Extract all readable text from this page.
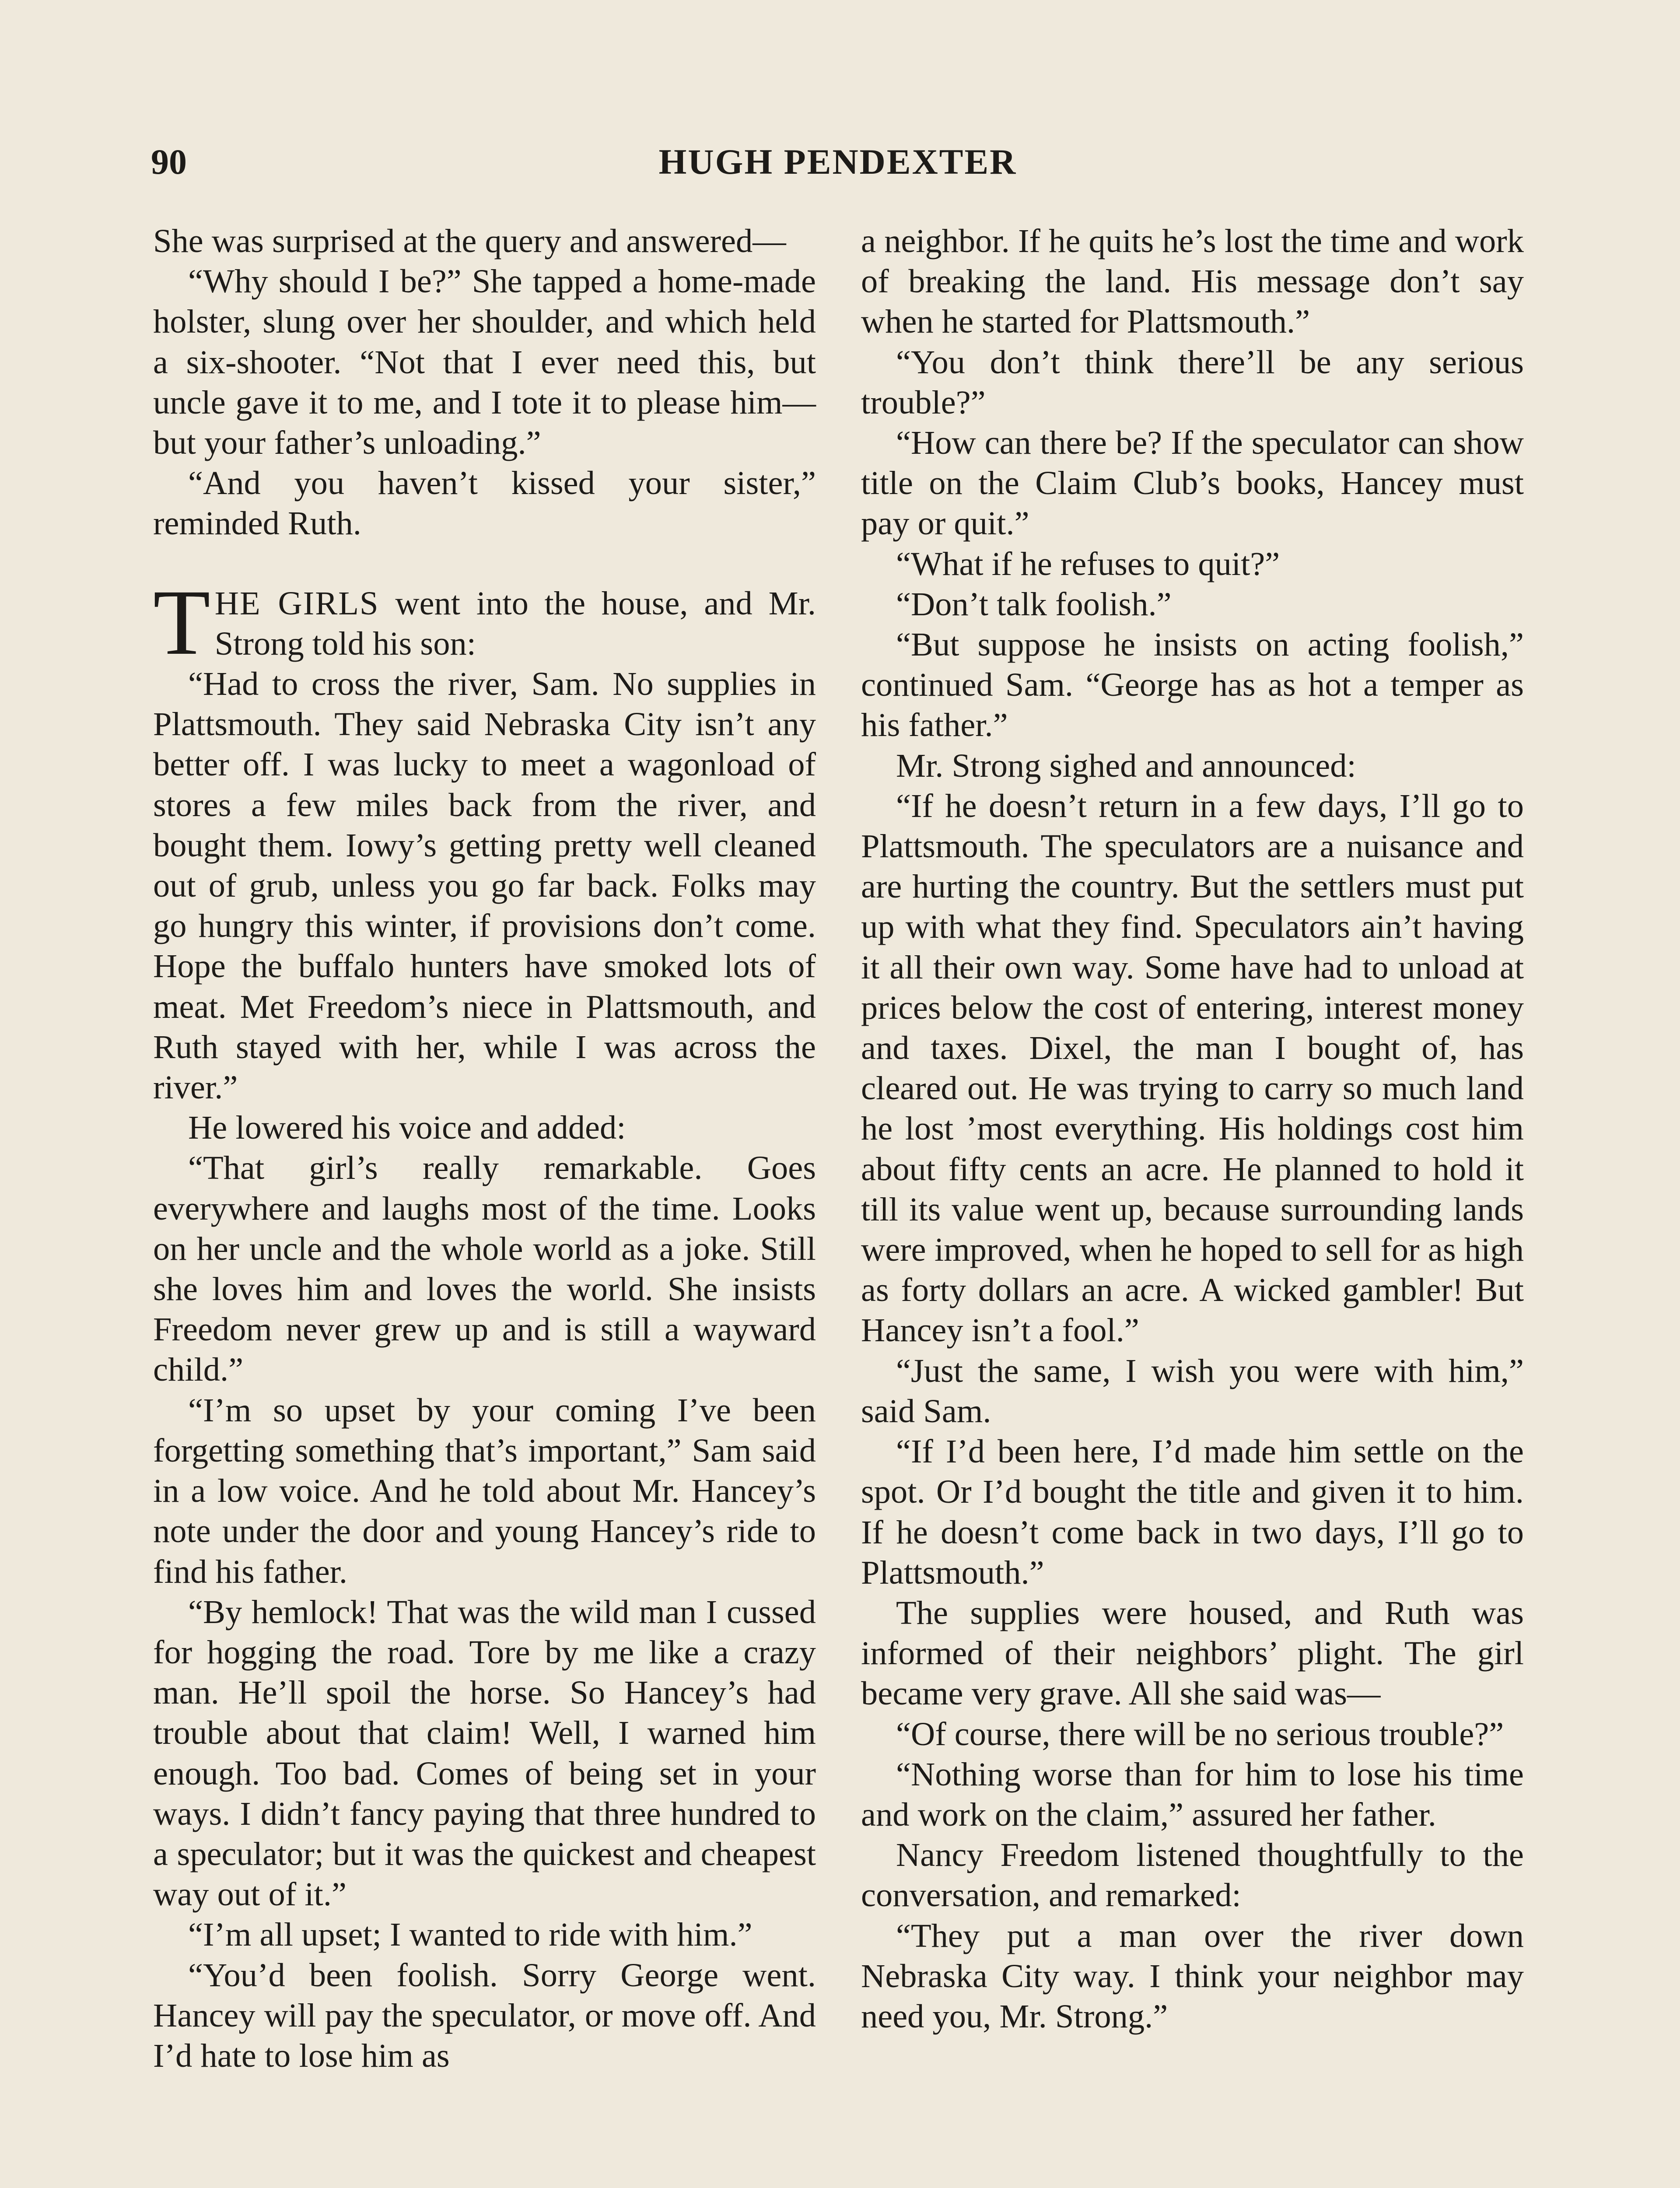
90	HUGH PENDEXTER

She was surprised at the query and answered—

“Why should I be?” She tapped a home-made holster, slung over her shoulder, and which held a six-shooter. “Not that I ever need this, but uncle gave it to me, and I tote it to please him—but your father’s unloading.”

“And you haven’t kissed your sister,” reminded Ruth.

THE GIRLS went into the house, and Mr. Strong told his son:

“Had to cross the river, Sam. No supplies in Plattsmouth. They said Nebraska City isn’t any better off. I was lucky to meet a wagonload of stores a few miles back from the river, and bought them. Iowy’s getting pretty well cleaned out of grub, unless you go far back. Folks may go hungry this winter, if provisions don’t come. Hope the buffalo hunters have smoked lots of meat. Met Freedom’s niece in Plattsmouth, and Ruth stayed with her, while I was across the river.”

He lowered his voice and added:

“That girl’s really remarkable. Goes everywhere and laughs most of the time. Looks on her uncle and the whole world as a joke. Still she loves him and loves the world. She insists Freedom never grew up and is still a wayward child.”

“I’m so upset by your coming I’ve been forgetting something that’s important,” Sam said in a low voice. And he told about Mr. Hancey’s note under the door and young Hancey’s ride to find his father.

“By hemlock! That was the wild man I cussed for hogging the road. Tore by me like a crazy man. He’ll spoil the horse. So Hancey’s had trouble about that claim! Well, I warned him enough. Too bad. Comes of being set in your ways. I didn’t fancy paying that three hundred to a speculator; but it was the quickest and cheapest way out of it.”

“I’m all upset; I wanted to ride with him.”

“You’d been foolish. Sorry George went. Hancey will pay the speculator, or move off. And I’d hate to lose him as

a neighbor. If he quits he’s lost the time and work of breaking the land. His message don’t say when he started for Plattsmouth.”

“You don’t think there’ll be any serious trouble?”

“How can there be? If the speculator can show title on the Claim Club’s books, Hancey must pay or quit.”

“What if he refuses to quit?”

“Don’t talk foolish.”

“But suppose he insists on acting foolish,” continued Sam. “George has as hot a temper as his father.”

Mr. Strong sighed and announced:

“If he doesn’t return in a few days, I’ll go to Plattsmouth. The speculators are a nuisance and are hurting the country. But the settlers must put up with what they find. Speculators ain’t having it all their own way. Some have had to unload at prices below the cost of entering, interest money and taxes. Dixel, the man I bought of, has cleared out. He was trying to carry so much land he lost ’most everything. His holdings cost him about fifty cents an acre. He planned to hold it till its value went up, because surrounding lands were improved, when he hoped to sell for as high as forty dollars an acre. A wicked gambler! But Hancey isn’t a fool.”

“Just the same, I wish you were with him,” said Sam.

“If I’d been here, I’d made him settle on the spot. Or I’d bought the title and given it to him. If he doesn’t come back in two days, I’ll go to Plattsmouth.”

The supplies were housed, and Ruth was informed of their neighbors’ plight. The girl became very grave. All she said was—

“Of course, there will be no serious trouble?”

“Nothing worse than for him to lose his time and work on the claim,” assured her father.

Nancy Freedom listened thoughtfully to the conversation, and remarked:

“They put a man over the river down Nebraska City way. I think your neighbor may need you, Mr. Strong.”
